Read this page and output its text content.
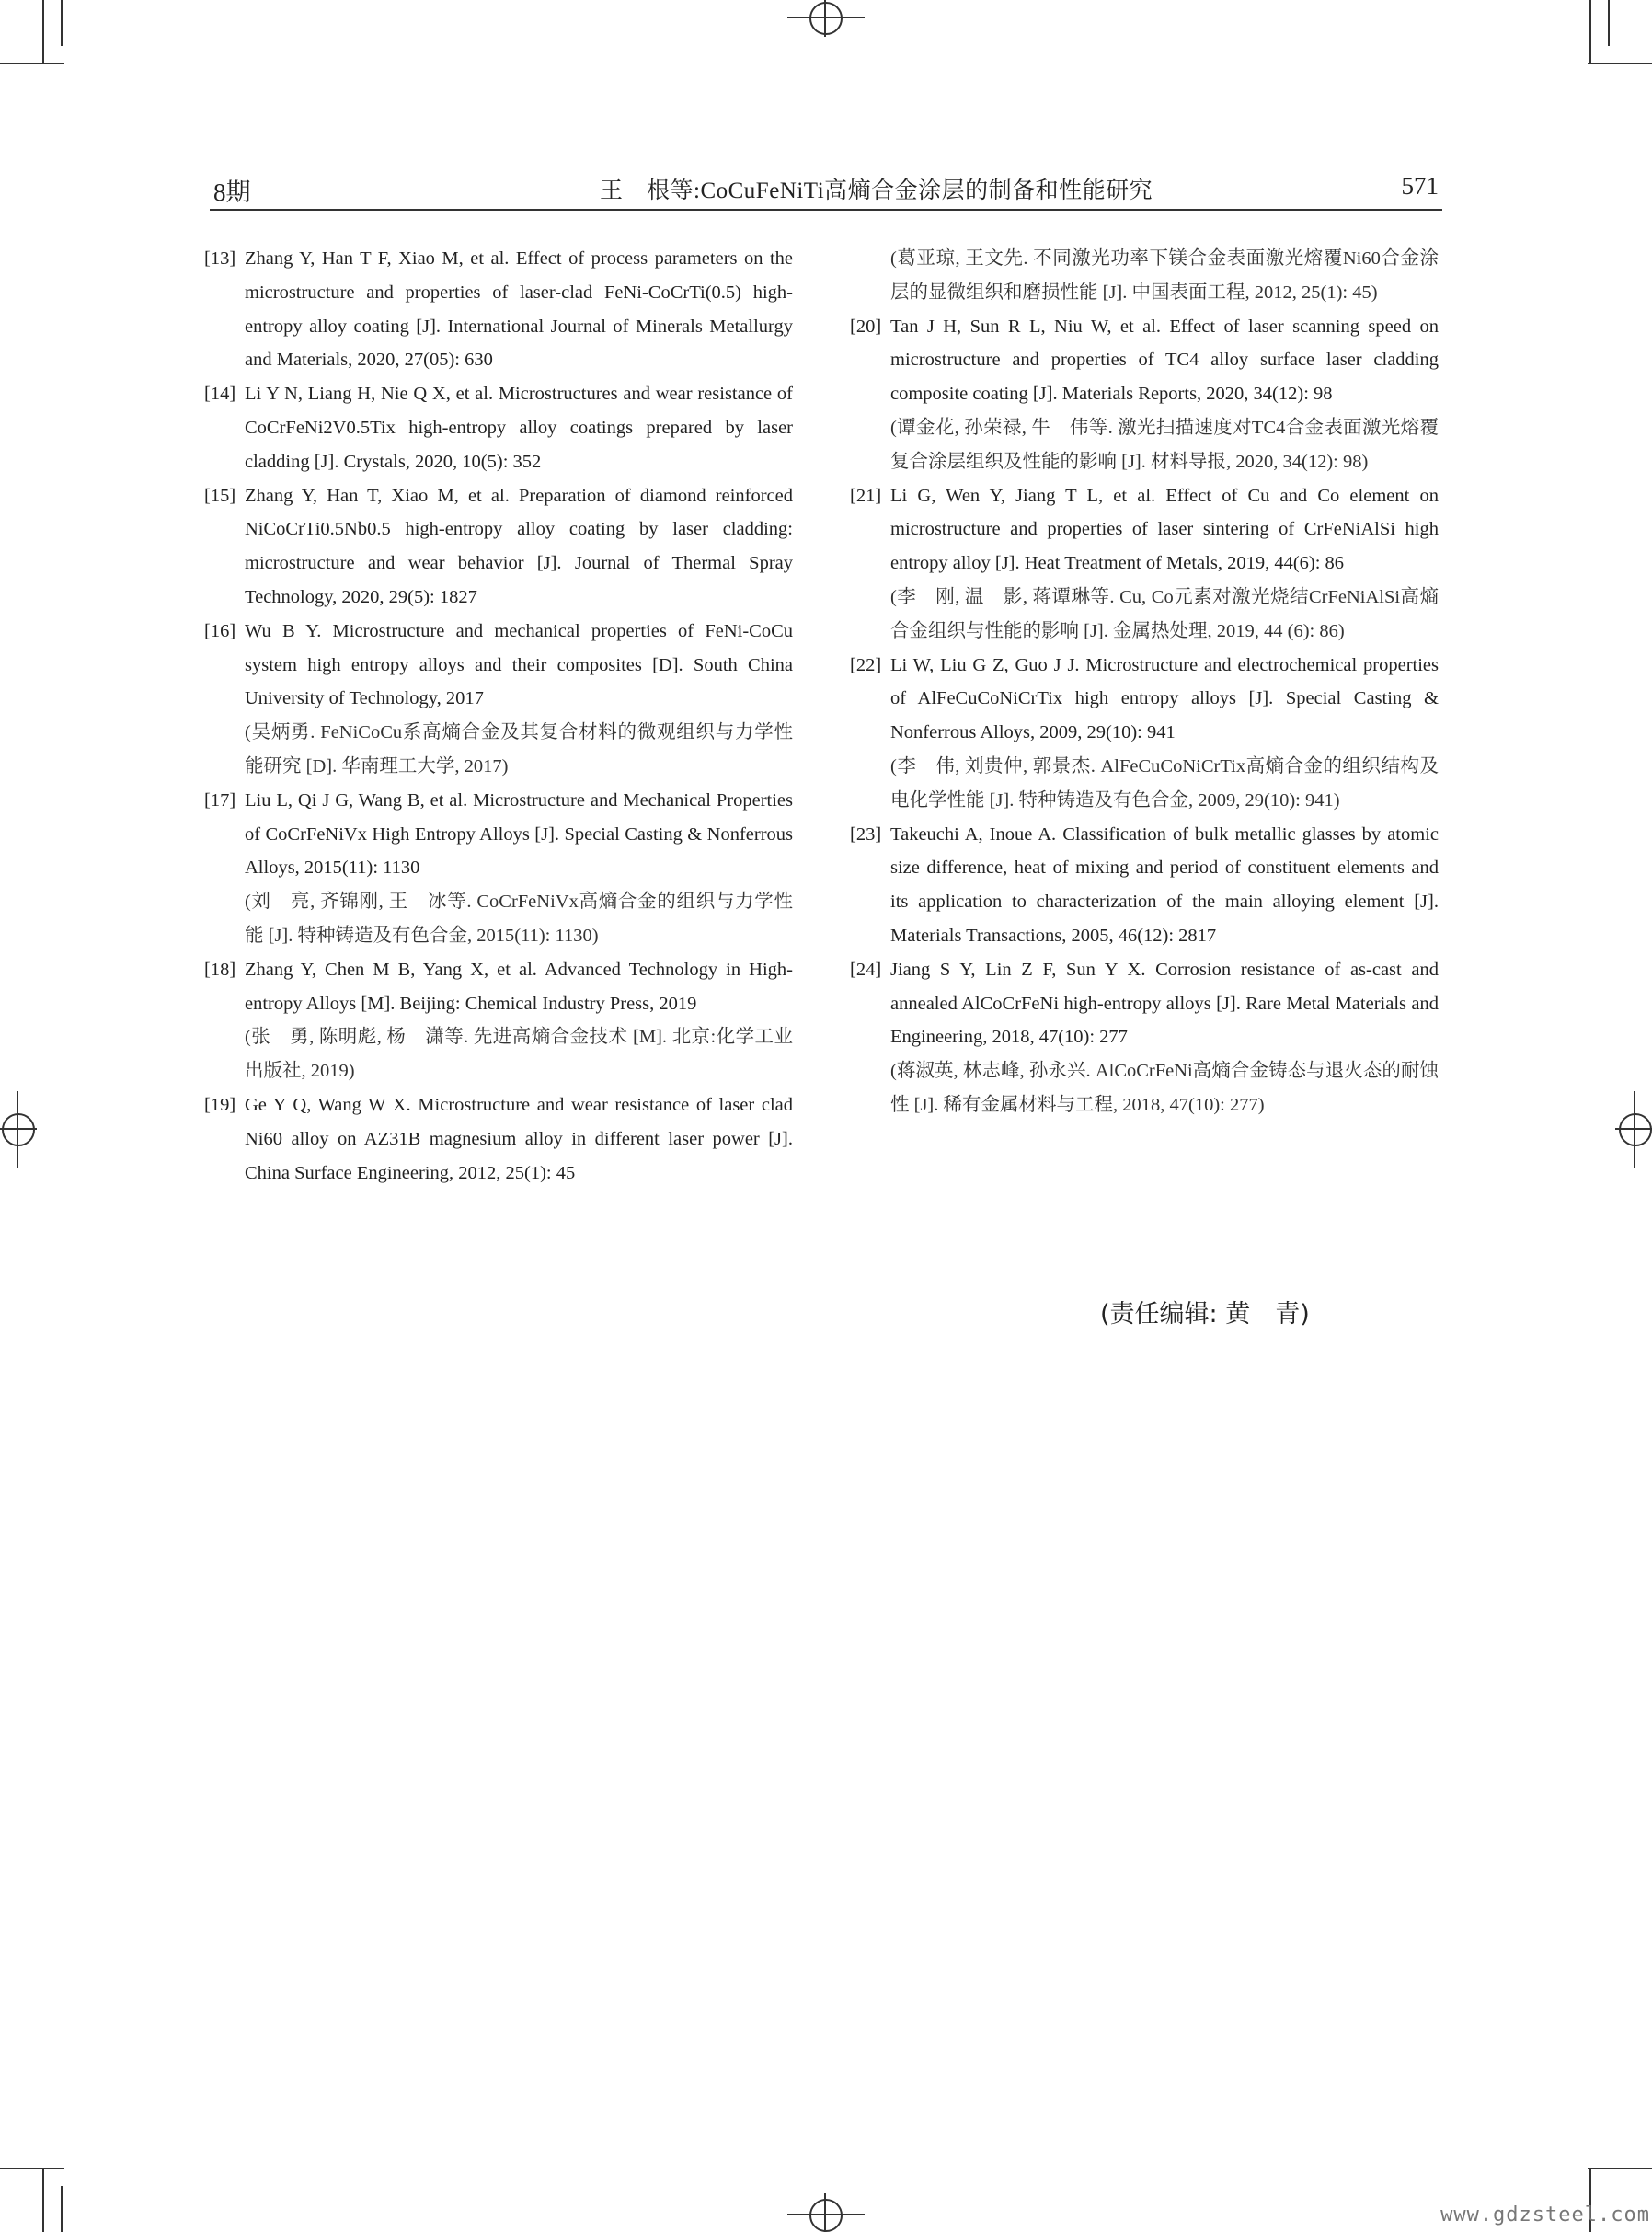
8期	王　根等:CoCuFeNiTi高熵合金涂层的制备和性能研究	571
[13] Zhang Y, Han T F, Xiao M, et al. Effect of process parameters on the microstructure and properties of laser-clad FeNi-CoCrTi(0.5) high-entropy alloy coating [J]. International Journal of Minerals Metallurgy and Materials, 2020, 27(05): 630
[14] Li Y N, Liang H, Nie Q X, et al. Microstructures and wear resistance of CoCrFeNi2V0.5Tix high-entropy alloy coatings prepared by laser cladding [J]. Crystals, 2020, 10(5): 352
[15] Zhang Y, Han T, Xiao M, et al. Preparation of diamond reinforced NiCoCrTi0.5Nb0.5 high-entropy alloy coating by laser cladding: microstructure and wear behavior [J]. Journal of Thermal Spray Technology, 2020, 29(5): 1827
[16] Wu B Y. Microstructure and mechanical properties of FeNi-CoCu system high entropy alloys and their composites [D]. South China University of Technology, 2017
(吴炳勇. FeNiCoCu系高熵合金及其复合材料的微观组织与力学性能研究 [D]. 华南理工大学, 2017)
[17] Liu L, Qi J G, Wang B, et al. Microstructure and Mechanical Properties of CoCrFeNiVx High Entropy Alloys [J]. Special Casting & Nonferrous Alloys, 2015(11): 1130
(刘　亮, 齐锦刚, 王　冰等. CoCrFeNiVx高熵合金的组织与力学性能 [J]. 特种铸造及有色合金, 2015(11): 1130)
[18] Zhang Y, Chen M B, Yang X, et al. Advanced Technology in High-entropy Alloys [M]. Beijing: Chemical Industry Press, 2019
(张　勇, 陈明彪, 杨　潇等. 先进高熵合金技术 [M]. 北京:化学工业出版社, 2019)
[19] Ge Y Q, Wang W X. Microstructure and wear resistance of laser clad Ni60 alloy on AZ31B magnesium alloy in different laser power [J]. China Surface Engineering, 2012, 25(1): 45
(葛亚琼, 王文先. 不同激光功率下镁合金表面激光熔覆Ni60合金涂层的显微组织和磨损性能 [J]. 中国表面工程, 2012, 25(1): 45)
[20] Tan J H, Sun R L, Niu W, et al. Effect of laser scanning speed on microstructure and properties of TC4 alloy surface laser cladding composite coating [J]. Materials Reports, 2020, 34(12): 98
(谭金花, 孙荣禄, 牛　伟等. 激光扫描速度对TC4合金表面激光熔覆复合涂层组织及性能的影响 [J]. 材料导报, 2020, 34(12): 98)
[21] Li G, Wen Y, Jiang T L, et al. Effect of Cu and Co element on microstructure and properties of laser sintering of CrFeNiAlSi high entropy alloy [J]. Heat Treatment of Metals, 2019, 44(6): 86
(李　刚, 温　影, 蒋谭琳等. Cu, Co元素对激光烧结CrFeNiAlSi高熵合金组织与性能的影响 [J]. 金属热处理, 2019, 44 (6): 86)
[22] Li W, Liu G Z, Guo J J. Microstructure and electrochemical properties of AlFeCuCoNiCrTix high entropy alloys [J]. Special Casting & Nonferrous Alloys, 2009, 29(10): 941
(李　伟, 刘贵仲, 郭景杰. AlFeCuCoNiCrTix高熵合金的组织结构及电化学性能 [J]. 特种铸造及有色合金, 2009, 29(10): 941)
[23] Takeuchi A, Inoue A. Classification of bulk metallic glasses by atomic size difference, heat of mixing and period of constituent elements and its application to characterization of the main alloying element [J]. Materials Transactions, 2005, 46(12): 2817
[24] Jiang S Y, Lin Z F, Sun Y X. Corrosion resistance of as-cast and annealed AlCoCrFeNi high-entropy alloys [J]. Rare Metal Materials and Engineering, 2018, 47(10): 277
(蒋淑英, 林志峰, 孙永兴. AlCoCrFeNi高熵合金铸态与退火态的耐蚀性 [J]. 稀有金属材料与工程, 2018, 47(10): 277)
(责任编辑: 黄　青)
www.gdzsteel.com
